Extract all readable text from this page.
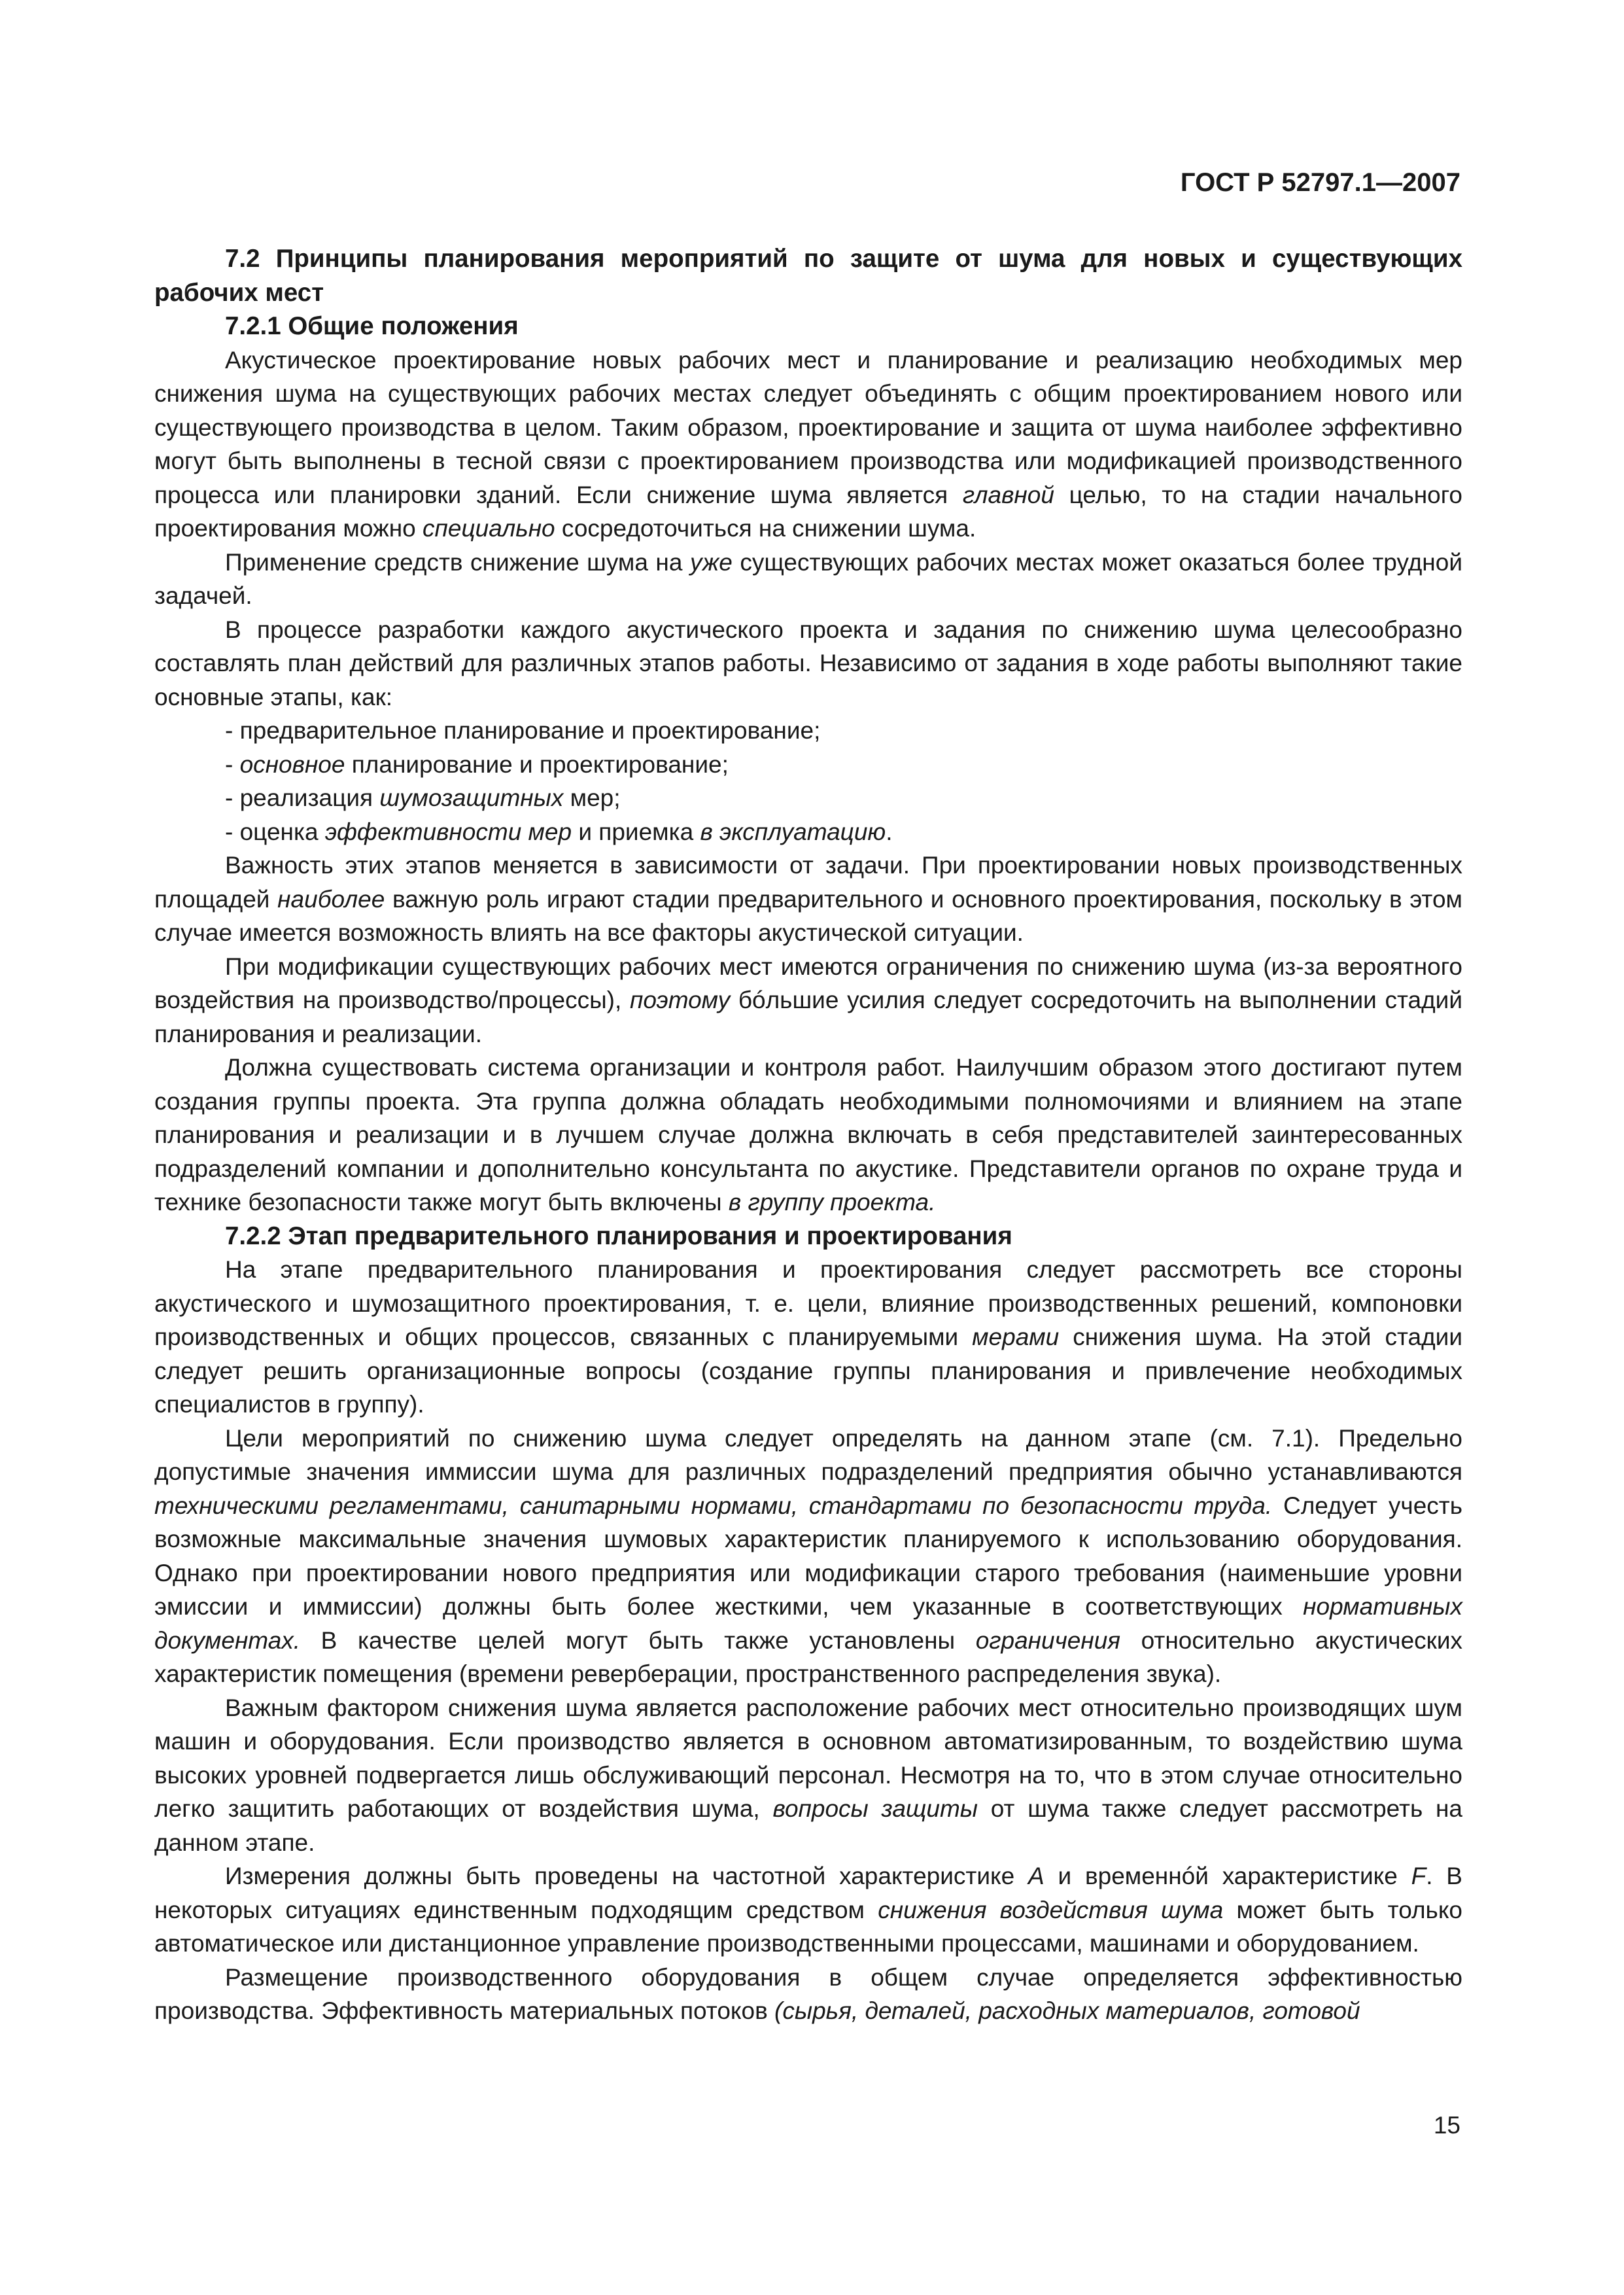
ГОСТ Р 52797.1—2007

7.2 Принципы планирования мероприятий по защите от шума для новых и существующих рабочих мест

7.2.1 Общие положения

Акустическое проектирование новых рабочих мест и планирование и реализацию необходимых мер снижения шума на существующих рабочих местах следует объединять с общим проектированием нового или существующего производства в целом. Таким образом, проектирование и защита от шума наиболее эффективно могут быть выполнены в тесной связи с проектированием производства или модификацией производственного процесса или планировки зданий. Если снижение шума является главной целью, то на стадии начального проектирования можно специально сосредоточиться на снижении шума.

Применение средств снижение шума на уже существующих рабочих местах может оказаться более трудной задачей.

В процессе разработки каждого акустического проекта и задания по снижению шума целесообразно составлять план действий для различных этапов работы. Независимо от задания в ходе работы выполняют такие основные этапы, как:

- предварительное планирование и проектирование;

- основное планирование и проектирование;

- реализация шумозащитных мер;

- оценка эффективности мер и приемка в эксплуатацию.

Важность этих этапов меняется в зависимости от задачи. При проектировании новых производственных площадей наиболее важную роль играют стадии предварительного и основного проектирования, поскольку в этом случае имеется возможность влиять на все факторы акустической ситуации.

При модификации существующих рабочих мест имеются ограничения по снижению шума (из-за вероятного воздействия на производство/процессы), поэтому бóльшие усилия следует сосредоточить на выполнении стадий планирования и реализации.

Должна существовать система организации и контроля работ. Наилучшим образом этого достигают путем создания группы проекта. Эта группа должна обладать необходимыми полномочиями и влиянием на этапе планирования и реализации и в лучшем случае должна включать в себя представителей заинтересованных подразделений компании и дополнительно консультанта по акустике. Представители органов по охране труда и технике безопасности также могут быть включены в группу проекта.

7.2.2 Этап предварительного планирования и проектирования

На этапе предварительного планирования и проектирования следует рассмотреть все стороны акустического и шумозащитного проектирования, т. е. цели, влияние производственных решений, компоновки производственных и общих процессов, связанных с планируемыми мерами снижения шума. На этой стадии следует решить организационные вопросы (создание группы планирования и привлечение необходимых специалистов в группу).

Цели мероприятий по снижению шума следует определять на данном этапе (см. 7.1). Предельно допустимые значения иммиссии шума для различных подразделений предприятия обычно устанавливаются техническими регламентами, санитарными нормами, стандартами по безопасности труда. Следует учесть возможные максимальные значения шумовых характеристик планируемого к использованию оборудования. Однако при проектировании нового предприятия или модификации старого требования (наименьшие уровни эмиссии и иммиссии) должны быть более жесткими, чем указанные в соответствующих нормативных документах. В качестве целей могут быть также установлены ограничения относительно акустических характеристик помещения (времени реверберации, пространственного распределения звука).

Важным фактором снижения шума является расположение рабочих мест относительно производящих шум машин и оборудования. Если производство является в основном автоматизированным, то воздействию шума высоких уровней подвергается лишь обслуживающий персонал. Несмотря на то, что в этом случае относительно легко защитить работающих от воздействия шума, вопросы защиты от шума также следует рассмотреть на данном этапе.

Измерения должны быть проведены на частотной характеристике А и временнóй характеристике F. В некоторых ситуациях единственным подходящим средством снижения воздействия шума может быть только автоматическое или дистанционное управление производственными процессами, машинами и оборудованием.

Размещение производственного оборудования в общем случае определяется эффективностью производства. Эффективность материальных потоков (сырья, деталей, расходных материалов, готовой

15
